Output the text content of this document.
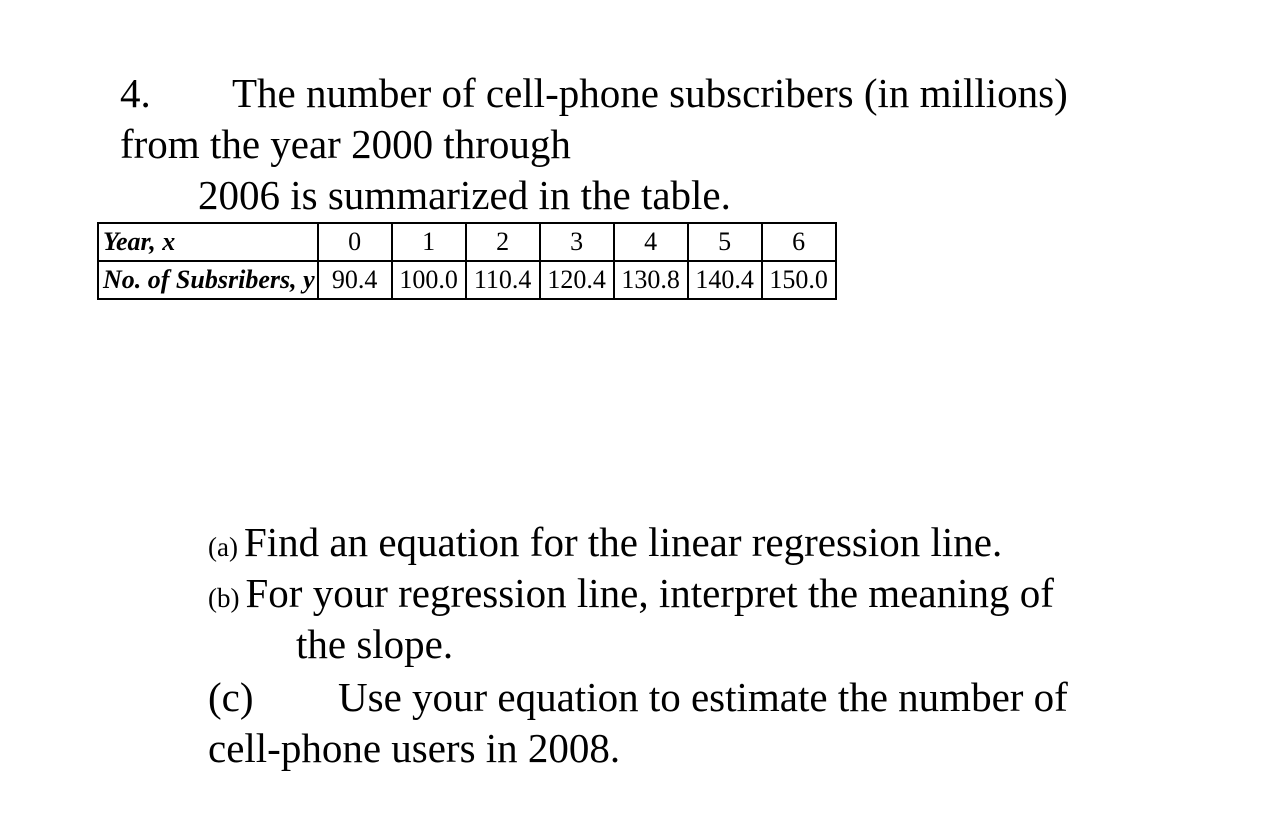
4. The number of cell-phone subscribers (in millions)
from the year 2000 through
2006 is summarized in the table.
Year, x	0	1	2	3	4	5	6
No. of Subsribers, y	90.4	100.0	110.4	120.4	130.8	140.4	150.0
(a) Find an equation for the linear regression line.
(b) For your regression line, interpret the meaning of
the slope.
(c) Use your equation to estimate the number of
cell-phone users in 2008.
